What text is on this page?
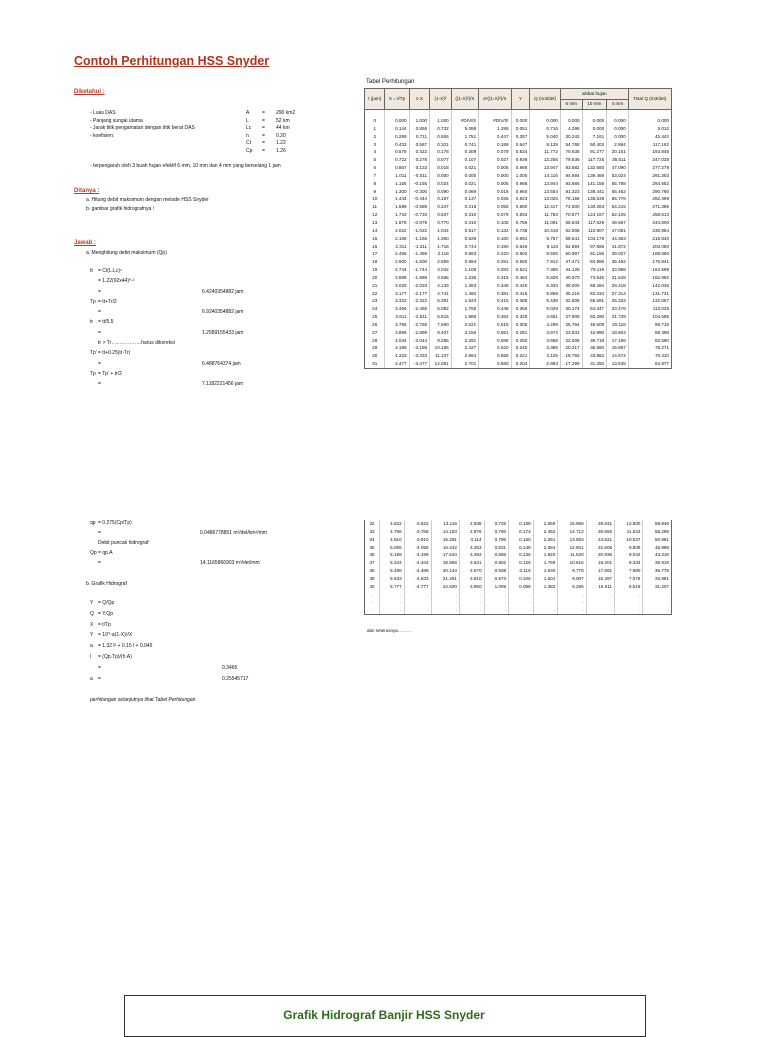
Contoh Perhitungan HSS Snyder
Diketahui :
- Luas DAS	A	= 290 km2
- Panjang sungai utama	L	= 52 km
- Jarak titik pengamatan dengan titik berat DAS	Lc = 44 km
- koefisien:	n	= 0.20
Ct = 1.22
Cp = 1.26
- terpengaruh oleh 3 buah hujan efektif 6 mm, 10 mm dan 4 mm yang berselang 1 jam
Ditanya :
a. Hitung debit maksimum dengan metode HSS Snyder
b. gambar grafik hidrografnya !
Jawab :
a. Menghitung debit maksimum (Qp)
tt = Ct(L.Lc)ⁿ
= 1,22(92x44)⁰·²
=	6.4240354882 jam
Tp = tt+Tr/2
=	6.9240354882 jam
tr = tt/5.5
=	1.2589155433 jam
tr > Tr………………harus dikoreksi
Tp' = tt+0.25(tr-Tr)
=	6.488764374 jam
Tp = Tp' + tr/2
=	7.1182221456 jam
qp = 0.275(Cp/Tp)
=	0.0486778851 m³/det/km²/mm
Debit puncak hidrograf:
Qp = qp.A
=	14.1165866903 m³/det/mm
b. Grafik Hidrograf
Y = Q/Qp
Q = Y.Qp
X = t/Tp
Y = 10^-a(1-X)²/X
a = 1.32 l² + 0.15 l + 0.045
l = (Qp.Tp)/(h.A)
=	0.3465
a =	0.25545717
perhitungan selanjutnya lihat Tabel Perhitungan
Tabel Perhitungan
t (jam)	X = t/Tp	1-X	(1-X)²	((1-X)²)/X	a*((1-X)²)/X	Y	Q (m3/det)	akibat hujan			Total Q (m3/det)
								6 mm	10 mm	4 mm	
0	0.000	1.000	1.000	#DIV/0!	#DIV/0!	0.000	0.000	0.000	0.000	0.000	0.000
1	0.144	0.856	0.732	5.088	1.295	0.051	0.716	4.296	0.000	0.000	5.012
2	0.289	0.711	0.506	1.751	0.447	0.357	5.040	30.242	7.161	0.000	42.443
3	0.433	0.567	0.321	0.741	0.189	0.647	9.128	54.768	50.403	2.864	117.162
4	0.578	0.422	0.178	0.309	0.079	0.834	11.772	70.635	91.277	20.161	193.846
5	0.722	0.278	0.077	0.107	0.027	0.939	13.256	79.536	117.725	36.511	247.028
6	0.867	0.133	0.018	0.021	0.005	0.988	13.947	83.682	132.560	47.090	277.279
7	1.011	-0.011	0.000	0.000	0.000	1.000	14.116	84.694	139.469	53.024	291.303
8	1.155	-0.155	0.024	0.021	0.005	0.988	13.944	83.665	141.156	55.788	294.552
9	1.300	-0.300	0.090	0.069	0.018	0.960	13.554	81.323	139.441	56.462	290.780
10	1.444	-0.444	0.197	0.137	0.035	0.923	13.026	78.158	135.539	55.776	282.499
11	1.589	-0.589	0.347	0.218	0.056	0.880	12.417	74.500	130.263	54.215	271.386
12	1.733	-0.733	0.537	0.310	0.079	0.833	11.763	70.577	124.167	52.105	258.613
13	1.878	-0.878	0.770	0.410	0.105	0.786	11.091	66.544	117.629	49.667	244.600
14	2.022	-1.022	1.044	0.517	0.132	0.738	10.418	62.508	110.907	47.051	230.884
15	2.166	-1.166	1.360	0.628	0.160	0.691	9.757	58.541	104.179	44.363	216.840
16	2.311	-1.311	1.718	0.744	0.190	0.646	9.116	54.694	97.569	41.672	203.050
17	2.455	-1.455	2.118	0.863	0.220	0.602	8.500	50.997	91.156	39.027	189.680
18	2.600	-1.600	2.559	0.984	0.251	0.560	7.912	47.471	84.995	36.462	176.841
19	2.744	-1.744	3.042	1.108	0.283	0.521	7.355	44.128	79.119	33.998	164.599
20	2.888	-1.888	3.566	1.235	0.315	0.484	6.828	40.970	73.546	31.648	152.992
21	3.033	-2.033	4.133	1.363	0.348	0.449	6.333	38.000	68.284	29.418	142.036
22	3.177	-2.177	4.741	1.492	0.381	0.416	5.869	35.215	63.334	27.314	131.731
23	3.322	-2.322	5.391	1.623	0.415	0.385	5.435	32.608	58.691	25.334	122.067
24	3.466	-2.466	6.082	1.755	0.448	0.356	5.029	30.174	54.347	23.476	113.026
25	3.611	-2.611	6.815	1.888	0.482	0.329	4.651	27.905	50.290	21.739	104.585
26	3.755	-2.755	7.590	2.021	0.516	0.305	4.299	25.794	46.509	20.116	96.718
27	3.899	-2.899	8.407	2.156	0.551	0.281	3.972	23.831	42.990	18.604	89.398
28	4.044	-3.044	9.265	2.291	0.585	0.260	3.668	22.008	39.718	17.196	82.590
29	4.188	-3.188	10.165	2.427	0.620	0.240	3.386	20.317	36.680	15.887	76.271
30	4.333	-3.333	11.107	2.564	0.655	0.221	3.125	18.750	33.862	14.672	70.410
31	4.477	-3.477	12.091	2.701	0.690	0.204	2.883	17.299	31.250	13.545	64.977
32	4.622	-3.622	13.116	2.838	0.725	0.188	2.659	15.955	28.831	12.500	59.946
33	4.766	-3.766	14.183	2.976	0.760	0.174	2.452	14.712	26.592	11.533	55.289
34	4.910	-3.910	15.291	3.114	0.796	0.160	2.261	13.563	24.521	10.637	50.981
35	5.055	-4.055	16.442	3.253	0.831	0.148	2.084	12.501	22.606	9.808	46.999
36	5.199	-4.199	17.634	3.392	0.866	0.136	1.920	11.520	20.836	9.042	43.318
37	5.344	-4.344	18.868	3.531	0.902	0.125	1.769	10.615	19.201	8.334	39.919
38	5.488	-4.488	20.143	3.670	0.938	0.115	1.630	9.778	17.691	7.680	36.779
39	5.633	-4.633	21.461	3.810	0.973	0.106	1.501	9.007	16.297	7.076	33.881
40	5.777	-4.777	22.820	3.950	1.009	0.098	1.382	8.295	15.011	6.519	31.207
.	.	.	.	.	.	.	.	.	.	.	.
.	.	.	.	.	.	.	.	.	.	.	.
.	.	.	.	.	.	.	.	.	.	.	.
dan seterusnya………
Grafik Hidrograf Banjir HSS Snyder
